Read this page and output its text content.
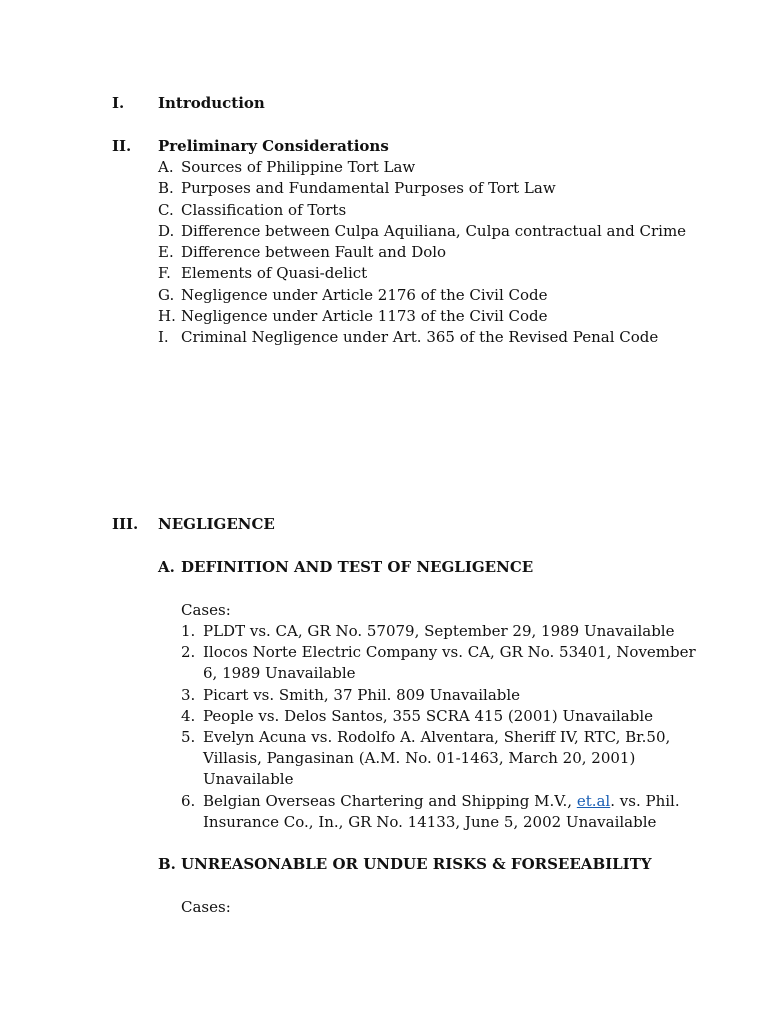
I. Introduction
II. Preliminary Considerations
A. Sources of Philippine Tort Law
B. Purposes and Fundamental Purposes of Tort Law
C. Classification of Torts
D. Difference between Culpa Aquiliana, Culpa contractual and Crime
E. Difference between Fault and Dolo
F. Elements of Quasi-delict
G. Negligence under Article 2176 of the Civil Code
H. Negligence under Article 1173 of the Civil Code
I. Criminal Negligence under Art. 365 of the Revised Penal Code
III. NEGLIGENCE
A. DEFINITION AND TEST OF NEGLIGENCE
Cases:
1. PLDT vs. CA, GR No. 57079, September 29, 1989 Unavailable
2. Ilocos Norte Electric Company vs. CA, GR No. 53401, November
6, 1989 Unavailable
3. Picart vs. Smith, 37 Phil. 809 Unavailable
4. People vs. Delos Santos, 355 SCRA 415 (2001) Unavailable
5. Evelyn Acuna vs. Rodolfo A. Alventara, Sheriff IV, RTC, Br.50,
Villasis, Pangasinan (A.M. No. 01-1463, March 20, 2001)
Unavailable
6. Belgian Overseas Chartering and Shipping M.V., et.al. vs. Phil.
Insurance Co., In., GR No. 14133, June 5, 2002 Unavailable
B. UNREASONABLE OR UNDUE RISKS & FORSEEABILITY
Cases:
